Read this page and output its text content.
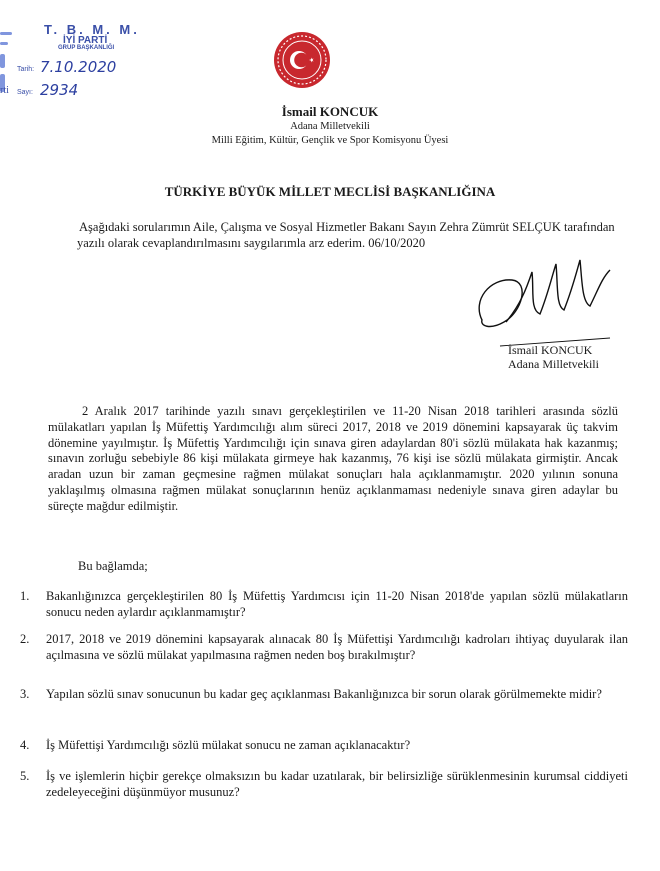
T. B. M. M.
İYİ PARTİ
GRUP BAŞKANLIĞI
Tarih: 7.10.2020
Sayı: 2934
rti
İsmail KONCUK
Adana Milletvekili
Milli Eğitim, Kültür, Gençlik ve Spor Komisyonu Üyesi
TÜRKİYE BÜYÜK MİLLET MECLİSİ BAŞKANLIĞINA
Aşağıdaki sorularımın Aile, Çalışma ve Sosyal Hizmetler Bakanı Sayın Zehra Zümrüt SELÇUK tarafından yazılı olarak cevaplandırılmasını saygılarımla arz ederim. 06/10/2020
İsmail KONCUK
Adana Milletvekili
2 Aralık 2017 tarihinde yazılı sınavı gerçekleştirilen ve 11-20 Nisan 2018 tarihleri arasında sözlü mülakatları yapılan İş Müfettiş Yardımcılığı alım süreci 2017, 2018 ve 2019 dönemini kapsayarak üç takvim dönemine yayılmıştır. İş Müfettiş Yardımcılığı için sınava giren adaylardan 80'i sözlü mülakata hak kazanmış; sınavın zorluğu sebebiyle 86 kişi mülakata girmeye hak kazanmış, 76 kişi ise sözlü mülakata girmiştir. Ancak aradan uzun bir zaman geçmesine rağmen mülakat sonuçları hala açıklanmamıştır. 2020 yılının sonuna yaklaşılmış olmasına rağmen mülakat sonuçlarının henüz açıklanmaması nedeniyle sınava giren adaylar bu süreçte mağdur edilmiştir.
Bu bağlamda;
1.	Bakanlığınızca gerçekleştirilen 80 İş Müfettiş Yardımcısı için 11-20 Nisan 2018'de yapılan sözlü mülakatların sonucu neden aylardır açıklanmamıştır?
2.	2017, 2018 ve 2019 dönemini kapsayarak alınacak 80 İş Müfettişi Yardımcılığı kadroları ihtiyaç duyularak ilan açılmasına ve sözlü mülakat yapılmasına rağmen neden boş bırakılmıştır?
3.	Yapılan sözlü sınav sonucunun bu kadar geç açıklanması Bakanlığınızca bir sorun olarak görülmemekte midir?
4.	İş Müfettişi Yardımcılığı sözlü mülakat sonucu ne zaman açıklanacaktır?
5.	İş ve işlemlerin hiçbir gerekçe olmaksızın bu kadar uzatılarak, bir belirsizliğe sürüklenmesinin kurumsal ciddiyeti zedeleyeceğini düşünmüyor musunuz?
